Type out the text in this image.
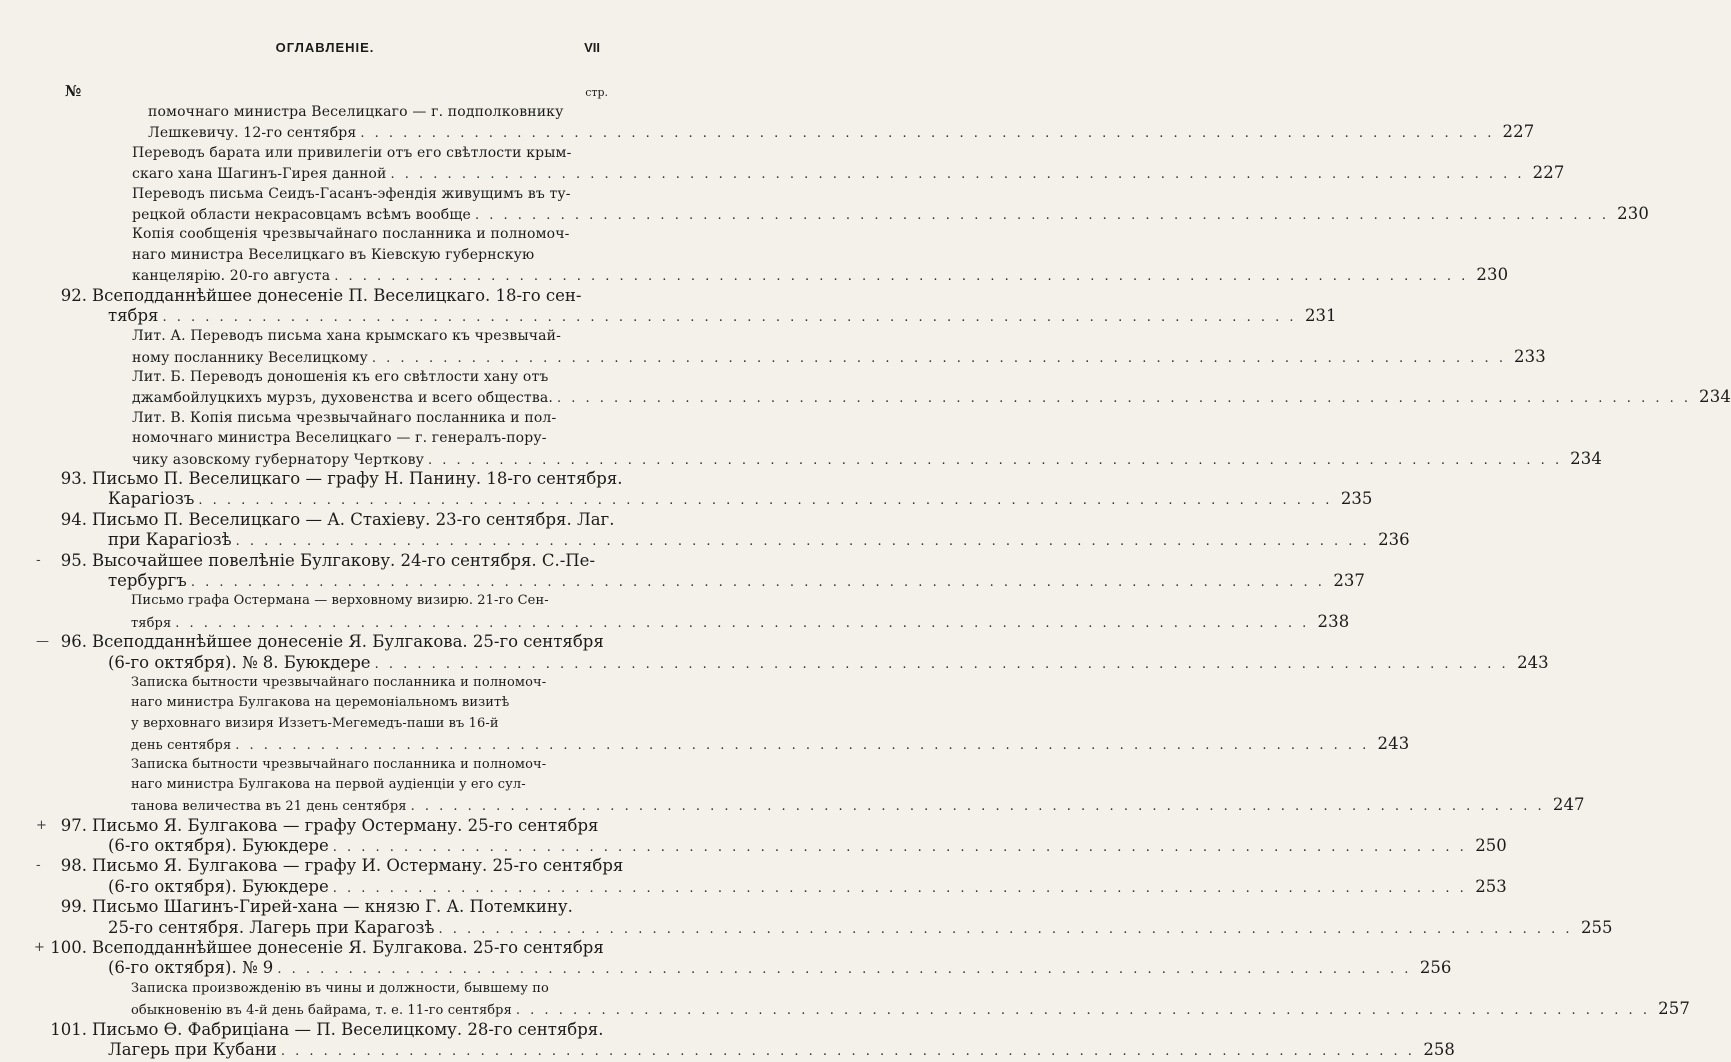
ОГЛАВЛЕНІЕ.	VII
№	стр.
помочнаго министра Веселицкаго — г. подполковнику
Лешкевичу. 12-го сентября . . . . . . . . . . . . . . . . . . . . . . . . . . . . . . . . . . . . . . . . . . . . . . . . . . . . . . . . . . . . . . . . . . . . . . . . . . . . . . . . 227
Переводъ барата или привилегіи отъ его свѣтлости крым-
скаго хана Шагинъ-Гирея данной . . . . . . . . . . . . . . . . . . . . . . . . . . . . . . . . . . . . . . . . . . . . . . . . . . . . . . . . . . . . . . . . . . . . . . . . . . . . . . . . 227
Переводъ письма Сеидъ-Гасанъ-эфендія живущимъ въ ту-
рецкой области некрасовцамъ всѣмъ вообще . . . . . . . . . . . . . . . . . . . . . . . . . . . . . . . . . . . . . . . . . . . . . . . . . . . . . . . . . . . . . . . . . . . . . . . . . . . . . . . . 230
Копія сообщенія чрезвычайнаго посланника и полномоч-
наго министра Веселицкаго въ Кіевскую губернскую
канцелярію. 20-го августа . . . . . . . . . . . . . . . . . . . . . . . . . . . . . . . . . . . . . . . . . . . . . . . . . . . . . . . . . . . . . . . . . . . . . . . . . . . . . . . . 230
92. Всеподданнѣйшее донесеніе П. Веселицкаго. 18-го сен-
тября . . . . . . . . . . . . . . . . . . . . . . . . . . . . . . . . . . . . . . . . . . . . . . . . . . . . . . . . . . . . . . . . . . . . . . . . . . . . . . . . 231
Лит. А. Переводъ письма хана крымскаго къ чрезвычай-
ному посланнику Веселицкому . . . . . . . . . . . . . . . . . . . . . . . . . . . . . . . . . . . . . . . . . . . . . . . . . . . . . . . . . . . . . . . . . . . . . . . . . . . . . . . . 233
Лит. Б. Переводъ доношенія къ его свѣтлости хану отъ
джамбойлуцкихъ мурзъ, духовенства и всего общества. . . . . . . . . . . . . . . . . . . . . . . . . . . . . . . . . . . . . . . . . . . . . . . . . . . . . . . . . . . . . . . . . . . . . . . . . . . . . . . . . 234
Лит. В. Копія письма чрезвычайнаго посланника и пол-
номочнаго министра Веселицкаго — г. генералъ-пору-
чику азовскому губернатору Черткову . . . . . . . . . . . . . . . . . . . . . . . . . . . . . . . . . . . . . . . . . . . . . . . . . . . . . . . . . . . . . . . . . . . . . . . . . . . . . . . . 234
93. Письмо П. Веселицкаго — графу Н. Панину. 18-го сентября.
Карагіозъ . . . . . . . . . . . . . . . . . . . . . . . . . . . . . . . . . . . . . . . . . . . . . . . . . . . . . . . . . . . . . . . . . . . . . . . . . . . . . . . . 235
94. Письмо П. Веселицкаго — А. Стахіеву. 23-го сентября. Лаг.
при Карагіозѣ . . . . . . . . . . . . . . . . . . . . . . . . . . . . . . . . . . . . . . . . . . . . . . . . . . . . . . . . . . . . . . . . . . . . . . . . . . . . . . . . 236
95.
-	Высочайшее повелѣніе Булгакову. 24-го сентября. С.-Пе-
тербургъ . . . . . . . . . . . . . . . . . . . . . . . . . . . . . . . . . . . . . . . . . . . . . . . . . . . . . . . . . . . . . . . . . . . . . . . . . . . . . . . . 237
Письмо графа Остермана — верховному визирю. 21-го Сен-
тября . . . . . . . . . . . . . . . . . . . . . . . . . . . . . . . . . . . . . . . . . . . . . . . . . . . . . . . . . . . . . . . . . . . . . . . . . . . . . . . . 238
96.
—	Всеподданнѣйшее донесеніе Я. Булгакова. 25-го сентября
(6-го октября). № 8. Буюкдере . . . . . . . . . . . . . . . . . . . . . . . . . . . . . . . . . . . . . . . . . . . . . . . . . . . . . . . . . . . . . . . . . . . . . . . . . . . . . . . . 243
Записка бытности чрезвычайнаго посланника и полномоч-
наго министра Булгакова на церемоніальномъ визитѣ
у верховнаго визиря Иззетъ-Мегемедъ-паши въ 16-й
день сентября . . . . . . . . . . . . . . . . . . . . . . . . . . . . . . . . . . . . . . . . . . . . . . . . . . . . . . . . . . . . . . . . . . . . . . . . . . . . . . . . 243
Записка бытности чрезвычайнаго посланника и полномоч-
наго министра Булгакова на первой аудіенціи у его сул-
танова величества въ 21 день сентября . . . . . . . . . . . . . . . . . . . . . . . . . . . . . . . . . . . . . . . . . . . . . . . . . . . . . . . . . . . . . . . . . . . . . . . . . . . . . . . . 247
97.
+	Письмо Я. Булгакова — графу Остерману. 25-го сентября
(6-го октября). Буюкдере . . . . . . . . . . . . . . . . . . . . . . . . . . . . . . . . . . . . . . . . . . . . . . . . . . . . . . . . . . . . . . . . . . . . . . . . . . . . . . . . 250
98.
-	Письмо Я. Булгакова — графу И. Остерману. 25-го сентября
(6-го октября). Буюкдере . . . . . . . . . . . . . . . . . . . . . . . . . . . . . . . . . . . . . . . . . . . . . . . . . . . . . . . . . . . . . . . . . . . . . . . . . . . . . . . . 253
99. Письмо Шагинъ-Гирей-хана — князю Г. А. Потемкину.
25-го сентября. Лагерь при Карагозѣ . . . . . . . . . . . . . . . . . . . . . . . . . . . . . . . . . . . . . . . . . . . . . . . . . . . . . . . . . . . . . . . . . . . . . . . . . . . . . . . . 255
100.
+	Всеподданнѣйшее донесеніе Я. Булгакова. 25-го сентября
(6-го октября). № 9 . . . . . . . . . . . . . . . . . . . . . . . . . . . . . . . . . . . . . . . . . . . . . . . . . . . . . . . . . . . . . . . . . . . . . . . . . . . . . . . . 256
Записка произвожденію въ чины и должности, бывшему по
обыкновенію въ 4-й день байрама, т. е. 11-го сентября . . . . . . . . . . . . . . . . . . . . . . . . . . . . . . . . . . . . . . . . . . . . . . . . . . . . . . . . . . . . . . . . . . . . . . . . . . . . . . . . 257
101. Письмо Ѳ. Фабриціана — П. Веселицкому. 28-го сентября.
Лагерь при Кубани . . . . . . . . . . . . . . . . . . . . . . . . . . . . . . . . . . . . . . . . . . . . . . . . . . . . . . . . . . . . . . . . . . . . . . . . . . . . . . . . 258
